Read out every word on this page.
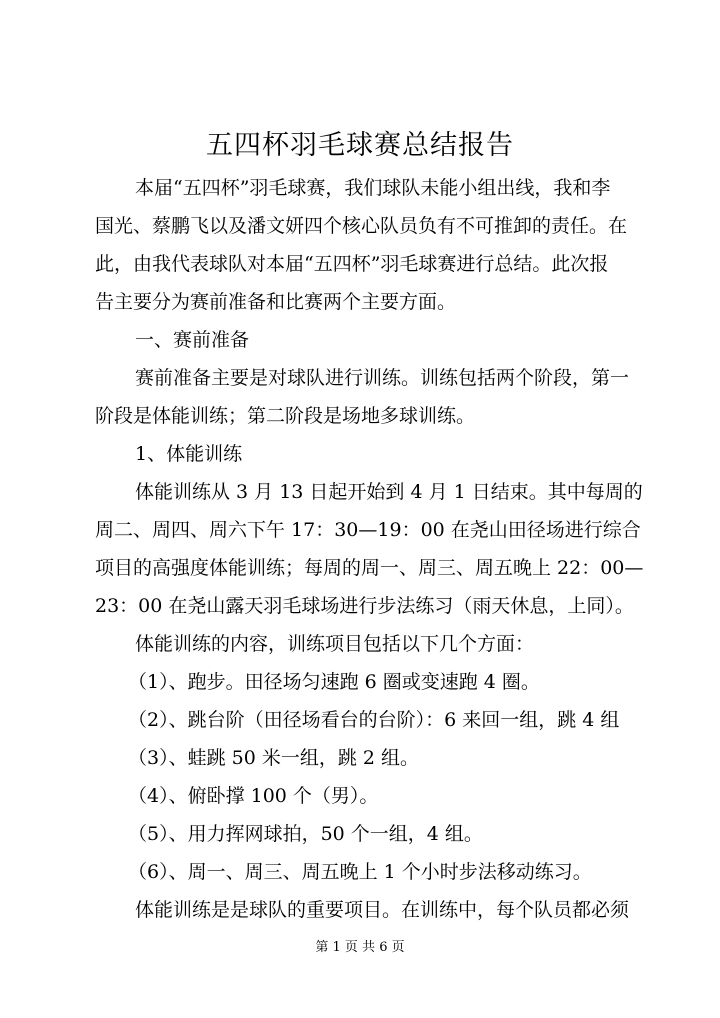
五四杯羽毛球赛总结报告
本届“五四杯”羽毛球赛，我们球队未能小组出线，我和李
国光、蔡鹏飞以及潘文妍四个核心队员负有不可推卸的责任。在
此，由我代表球队对本届“五四杯”羽毛球赛进行总结。此次报
告主要分为赛前准备和比赛两个主要方面。
一、赛前准备
赛前准备主要是对球队进行训练。训练包括两个阶段，第一
阶段是体能训练；第二阶段是场地多球训练。
1、体能训练
体能训练从 3 月 13 日起开始到 4 月 1 日结束。其中每周的
周二、周四、周六下午 17：30—19：00 在尧山田径场进行综合
项目的高强度体能训练；每周的周一、周三、周五晚上 22：00—
23：00 在尧山露天羽毛球场进行步法练习（雨天休息，上同）。
体能训练的内容，训练项目包括以下几个方面：
（1）、跑步。田径场匀速跑 6 圈或变速跑 4 圈。
（2）、跳台阶（田径场看台的台阶）：6 来回一组，跳 4 组
（3）、蛙跳 50 米一组，跳 2 组。
（4）、俯卧撑 100 个（男）。
（5）、用力挥网球拍，50 个一组，4 组。
（6）、周一、周三、周五晚上 1 个小时步法移动练习。
体能训练是是球队的重要项目。在训练中，每个队员都必须
第 1 页 共 6 页
